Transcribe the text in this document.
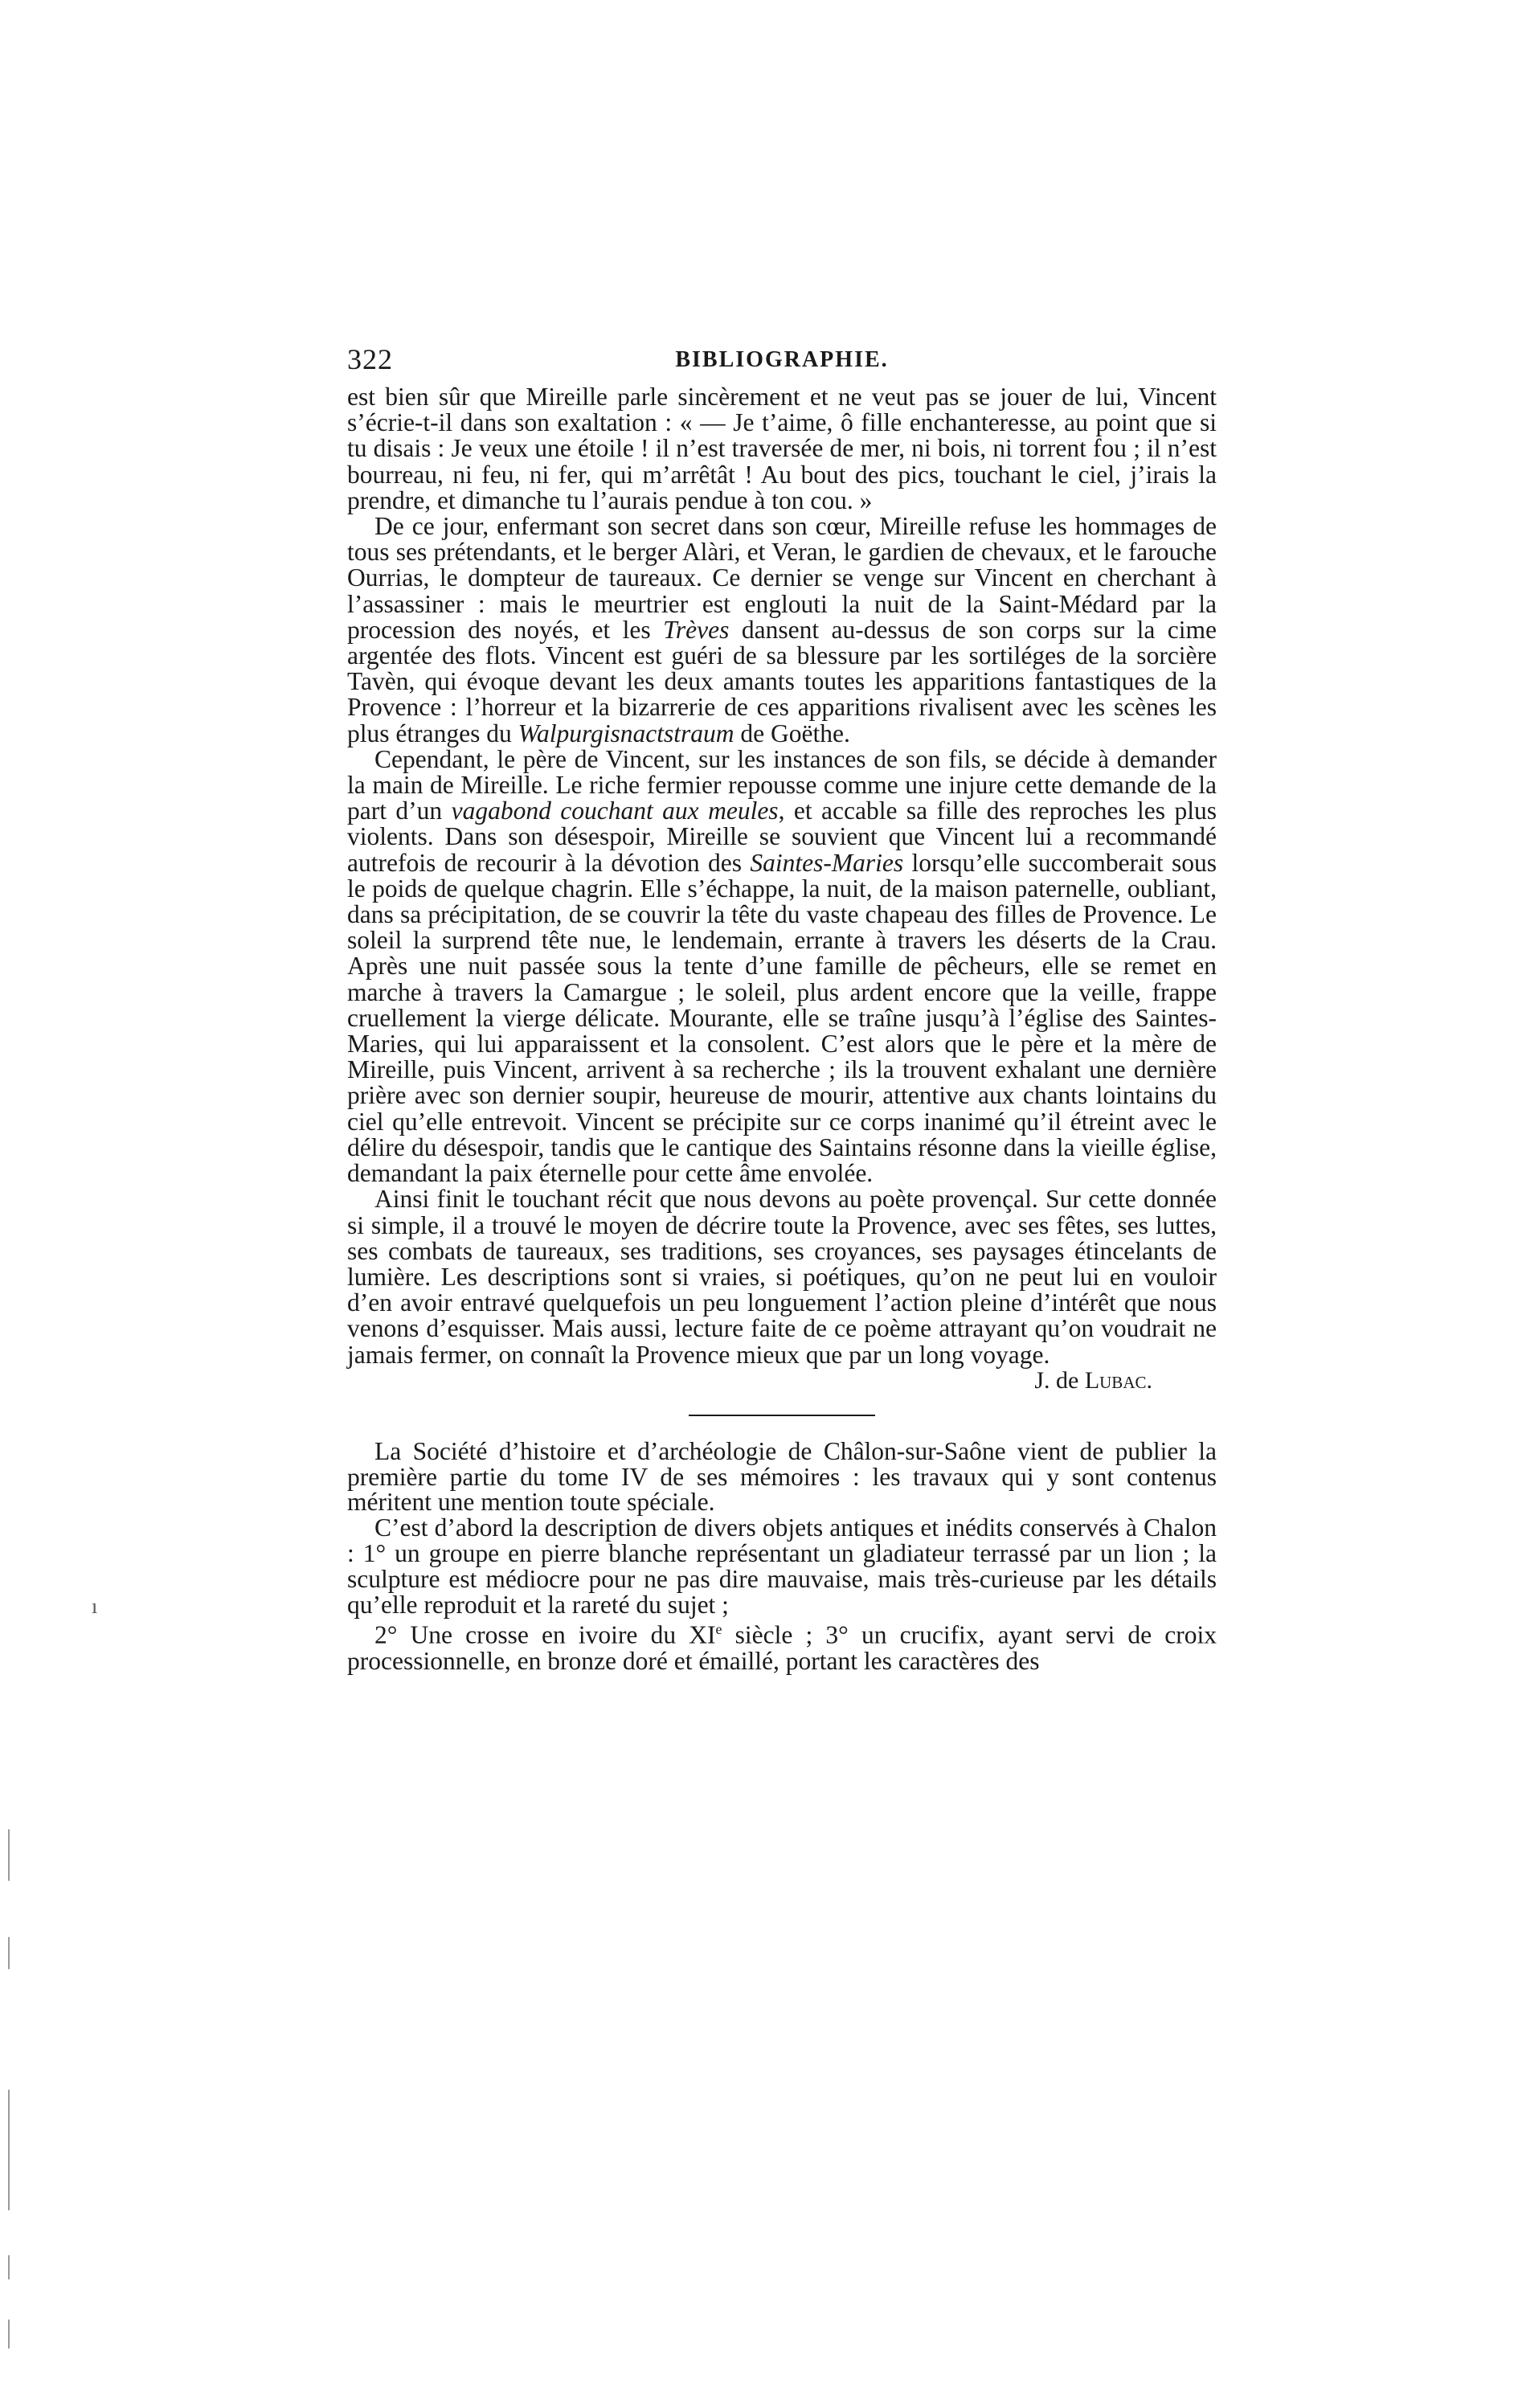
322	BIBLIOGRAPHIE.

est bien sûr que Mireille parle sincèrement et ne veut pas se jouer de lui, Vincent s’écrie-t-il dans son exaltation : « — Je t’aime, ô fille enchanteresse, au point que si tu disais : Je veux une étoile ! il n’est traversée de mer, ni bois, ni torrent fou ; il n’est bourreau, ni feu, ni fer, qui m’arrêtât ! Au bout des pics, touchant le ciel, j’irais la prendre, et dimanche tu l’aurais pendue à ton cou. »

De ce jour, enfermant son secret dans son cœur, Mireille refuse les hommages de tous ses prétendants, et le berger Alàri, et Veran, le gardien de chevaux, et le farouche Ourrias, le dompteur de taureaux. Ce dernier se venge sur Vincent en cherchant à l’assassiner : mais le meurtrier est englouti la nuit de la Saint-Médard par la procession des noyés, et les Trèves dansent au-dessus de son corps sur la cime argentée des flots. Vincent est guéri de sa blessure par les sortiléges de la sorcière Tavèn, qui évoque devant les deux amants toutes les apparitions fantastiques de la Provence : l’horreur et la bizarrerie de ces apparitions rivalisent avec les scènes les plus étranges du Walpurgisnactstraum de Goëthe.

Cependant, le père de Vincent, sur les instances de son fils, se décide à demander la main de Mireille. Le riche fermier repousse comme une injure cette demande de la part d’un vagabond couchant aux meules, et accable sa fille des reproches les plus violents. Dans son désespoir, Mireille se souvient que Vincent lui a recommandé autrefois de recourir à la dévotion des Saintes-Maries lorsqu’elle succomberait sous le poids de quelque chagrin. Elle s’échappe, la nuit, de la maison paternelle, oubliant, dans sa précipitation, de se couvrir la tête du vaste chapeau des filles de Provence. Le soleil la surprend tête nue, le lendemain, errante à travers les déserts de la Crau. Après une nuit passée sous la tente d’une famille de pêcheurs, elle se remet en marche à travers la Camargue ; le soleil, plus ardent encore que la veille, frappe cruellement la vierge délicate. Mourante, elle se traîne jusqu’à l’église des Saintes-Maries, qui lui apparaissent et la consolent. C’est alors que le père et la mère de Mireille, puis Vincent, arrivent à sa recherche ; ils la trouvent exhalant une dernière prière avec son dernier soupir, heureuse de mourir, attentive aux chants lointains du ciel qu’elle entrevoit. Vincent se précipite sur ce corps inanimé qu’il étreint avec le délire du désespoir, tandis que le cantique des Saintains résonne dans la vieille église, demandant la paix éternelle pour cette âme envolée.

Ainsi finit le touchant récit que nous devons au poète provençal. Sur cette donnée si simple, il a trouvé le moyen de décrire toute la Provence, avec ses fêtes, ses luttes, ses combats de taureaux, ses traditions, ses croyances, ses paysages étincelants de lumière. Les descriptions sont si vraies, si poétiques, qu’on ne peut lui en vouloir d’en avoir entravé quelquefois un peu longuement l’action pleine d’intérêt que nous venons d’esquisser. Mais aussi, lecture faite de ce poème attrayant qu’on voudrait ne jamais fermer, on connaît la Provence mieux que par un long voyage.

J. de Lubac.

La Société d’histoire et d’archéologie de Châlon-sur-Saône vient de publier la première partie du tome IV de ses mémoires : les travaux qui y sont contenus méritent une mention toute spéciale.

C’est d’abord la description de divers objets antiques et inédits conservés à Chalon : 1° un groupe en pierre blanche représentant un gladiateur terrassé par un lion ; la sculpture est médiocre pour ne pas dire mauvaise, mais très-curieuse par les détails qu’elle reproduit et la rareté du sujet ;

2° Une crosse en ivoire du XIe siècle ; 3° un crucifix, ayant servi de croix processionnelle, en bronze doré et émaillé, portant les caractères des

ı
